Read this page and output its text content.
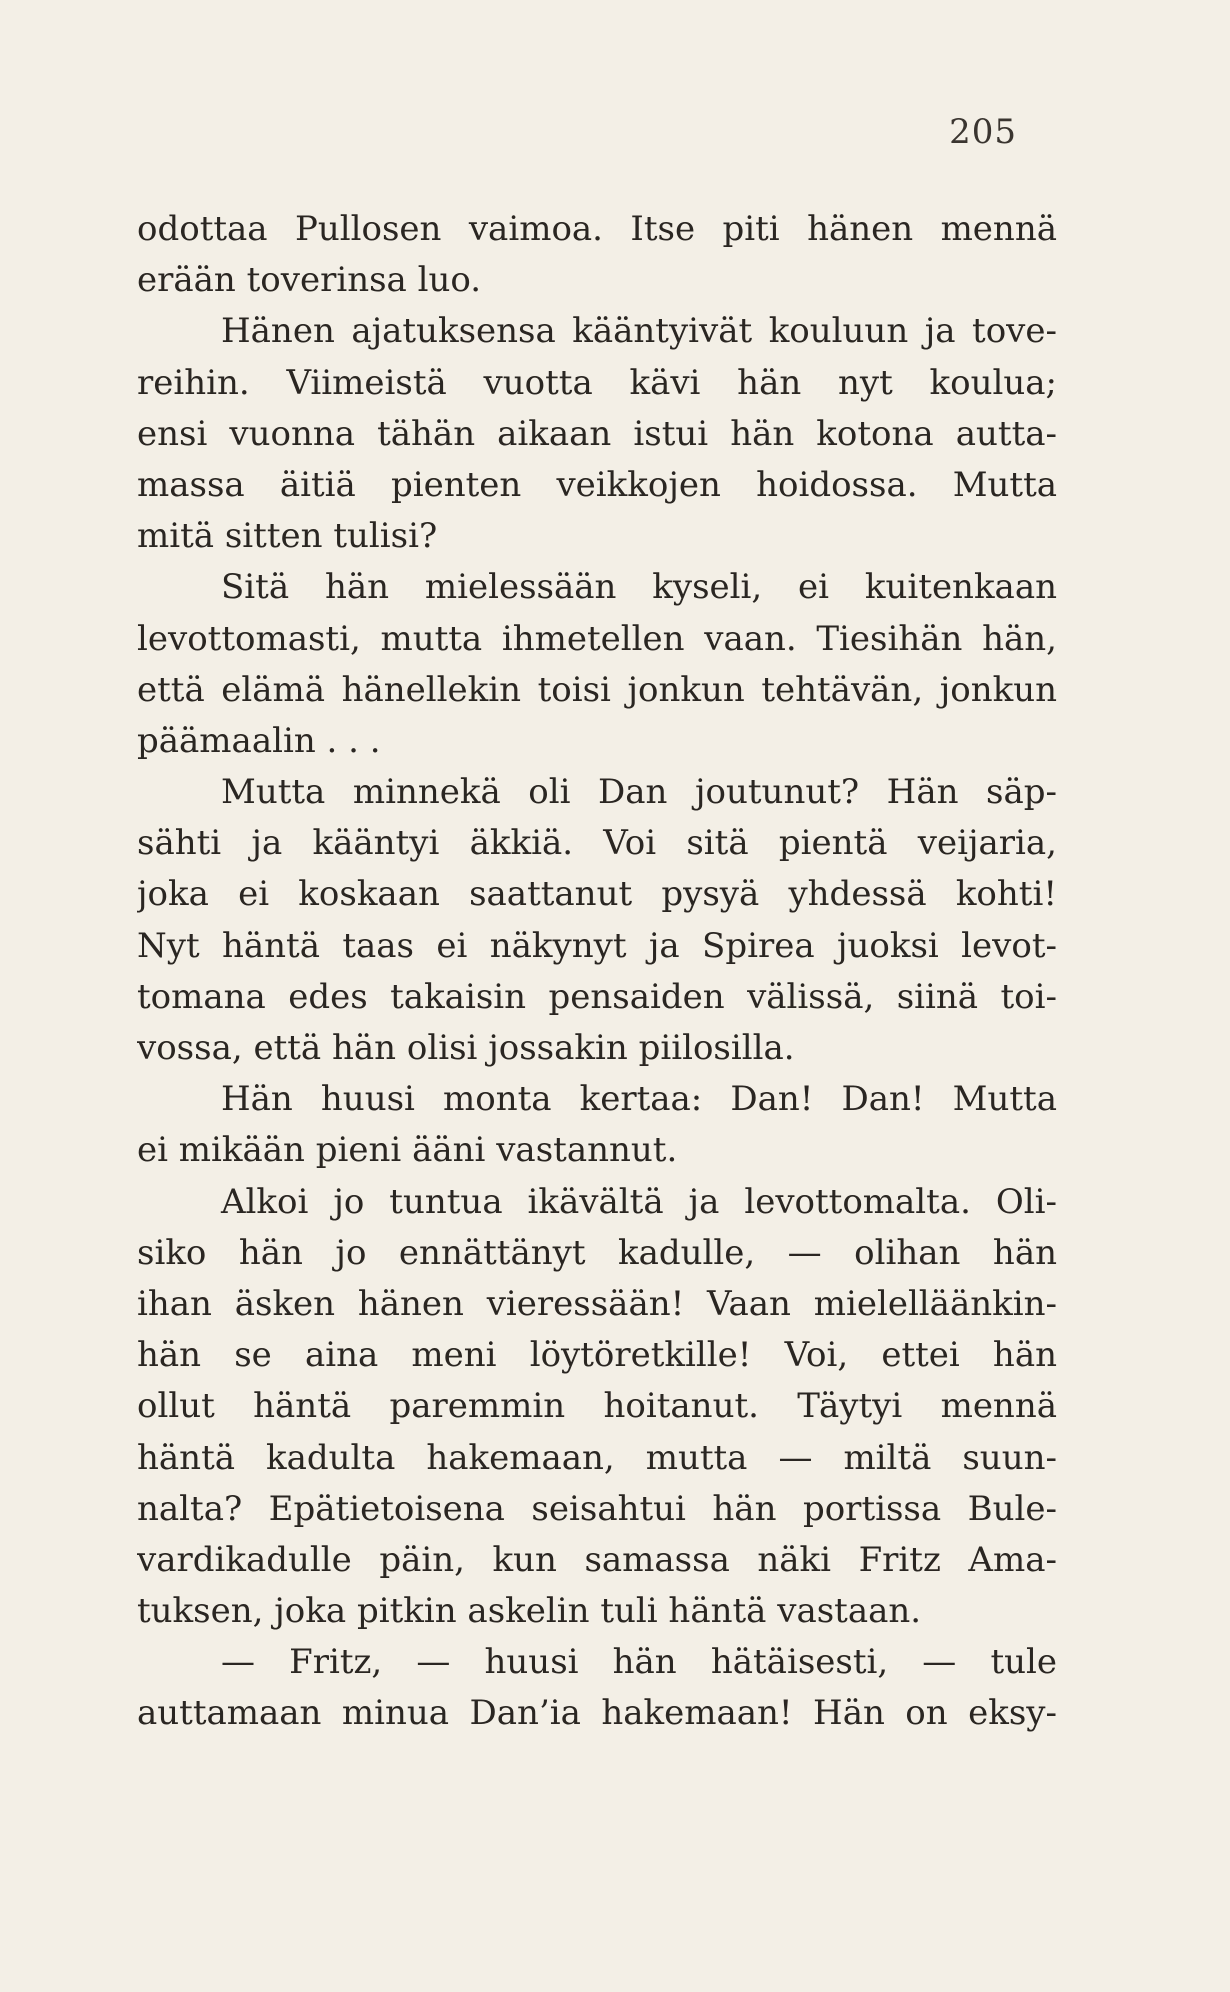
205
odottaa Pullosen vaimoa. Itse piti hänen mennä
erään toverinsa luo.
Hänen ajatuksensa kääntyivät kouluun ja tove-
reihin. Viimeistä vuotta kävi hän nyt koulua;
ensi vuonna tähän aikaan istui hän kotona autta-
massa äitiä pienten veikkojen hoidossa. Mutta
mitä sitten tulisi?
Sitä hän mielessään kyseli, ei kuitenkaan
levottomasti, mutta ihmetellen vaan. Tiesihän hän,
että elämä hänellekin toisi jonkun tehtävän, jonkun
päämaalin . . .
Mutta minnekä oli Dan joutunut? Hän säp-
sähti ja kääntyi äkkiä. Voi sitä pientä veijaria,
joka ei koskaan saattanut pysyä yhdessä kohti!
Nyt häntä taas ei näkynyt ja Spirea juoksi levot-
tomana edes takaisin pensaiden välissä, siinä toi-
vossa, että hän olisi jossakin piilosilla.
Hän huusi monta kertaa: Dan! Dan! Mutta
ei mikään pieni ääni vastannut.
Alkoi jo tuntua ikävältä ja levottomalta. Oli-
siko hän jo ennättänyt kadulle, — olihan hän
ihan äsken hänen vieressään! Vaan mielelläänkin-
hän se aina meni löytöretkille! Voi, ettei hän
ollut häntä paremmin hoitanut. Täytyi mennä
häntä kadulta hakemaan, mutta — miltä suun-
nalta? Epätietoisena seisahtui hän portissa Bule-
vardikadulle päin, kun samassa näki Fritz Ama-
tuksen, joka pitkin askelin tuli häntä vastaan.
— Fritz, — huusi hän hätäisesti, — tule
auttamaan minua Dan’ia hakemaan! Hän on eksy-
